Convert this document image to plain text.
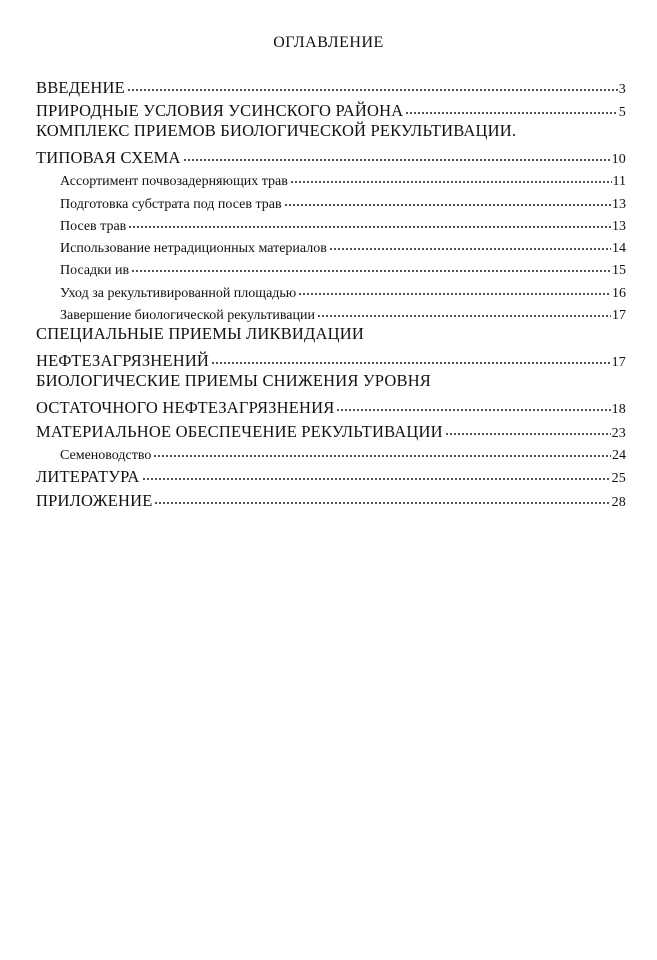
ОГЛАВЛЕНИЕ
ВВЕДЕНИЕ	3
ПРИРОДНЫЕ УСЛОВИЯ УСИНСКОГО РАЙОНА	5
КОМПЛЕКС ПРИЕМОВ БИОЛОГИЧЕСКОЙ РЕКУЛЬТИВАЦИИ.
ТИПОВАЯ СХЕМА	10
Ассортимент почвозадерняющих трав	11
Подготовка субстрата под посев трав	13
Посев трав	13
Использование нетрадиционных материалов	14
Посадки ив	15
Уход за рекультивированной площадью	16
Завершение биологической рекультивации	17
СПЕЦИАЛЬНЫЕ ПРИЕМЫ ЛИКВИДАЦИИ
НЕФТЕЗАГРЯЗНЕНИЙ	17
БИОЛОГИЧЕСКИЕ ПРИЕМЫ СНИЖЕНИЯ УРОВНЯ
ОСТАТОЧНОГО НЕФТЕЗАГРЯЗНЕНИЯ	18
МАТЕРИАЛЬНОЕ ОБЕСПЕЧЕНИЕ РЕКУЛЬТИВАЦИИ	23
Семеноводство	24
ЛИТЕРАТУРА	25
ПРИЛОЖЕНИЕ	28
